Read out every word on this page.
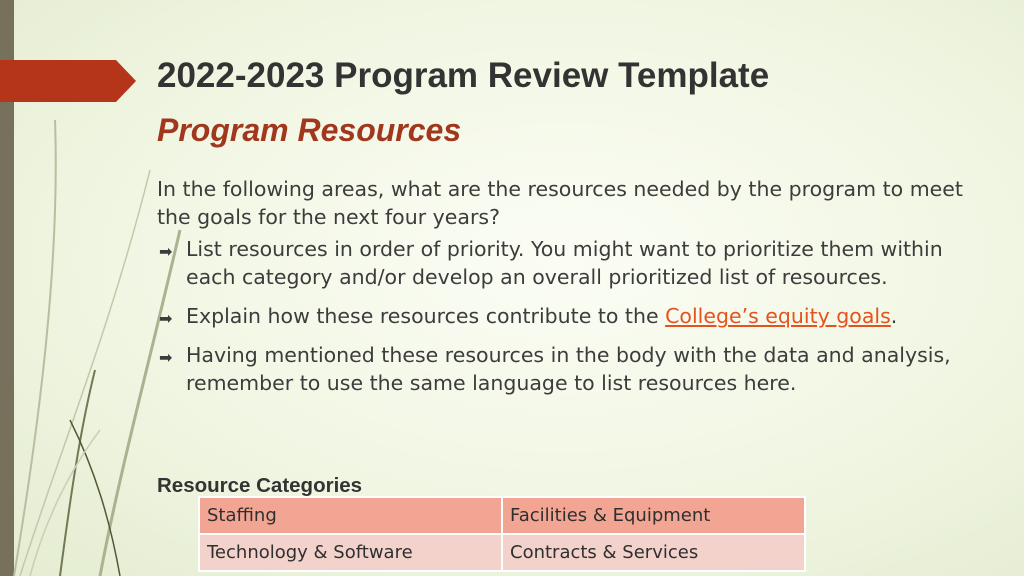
2022-2023 Program Review Template
Program Resources

In the following areas, what are the resources needed by the program to meet the goals for the next four years?

➡ List resources in order of priority. You might want to prioritize them within each category and/or develop an overall prioritized list of resources.
➡ Explain how these resources contribute to the College’s equity goals.
➡ Having mentioned these resources in the body with the data and analysis, remember to use the same language to list resources here.
Resource Categories
Staffing	Facilities & Equipment
Technology & Software	Contracts & Services
